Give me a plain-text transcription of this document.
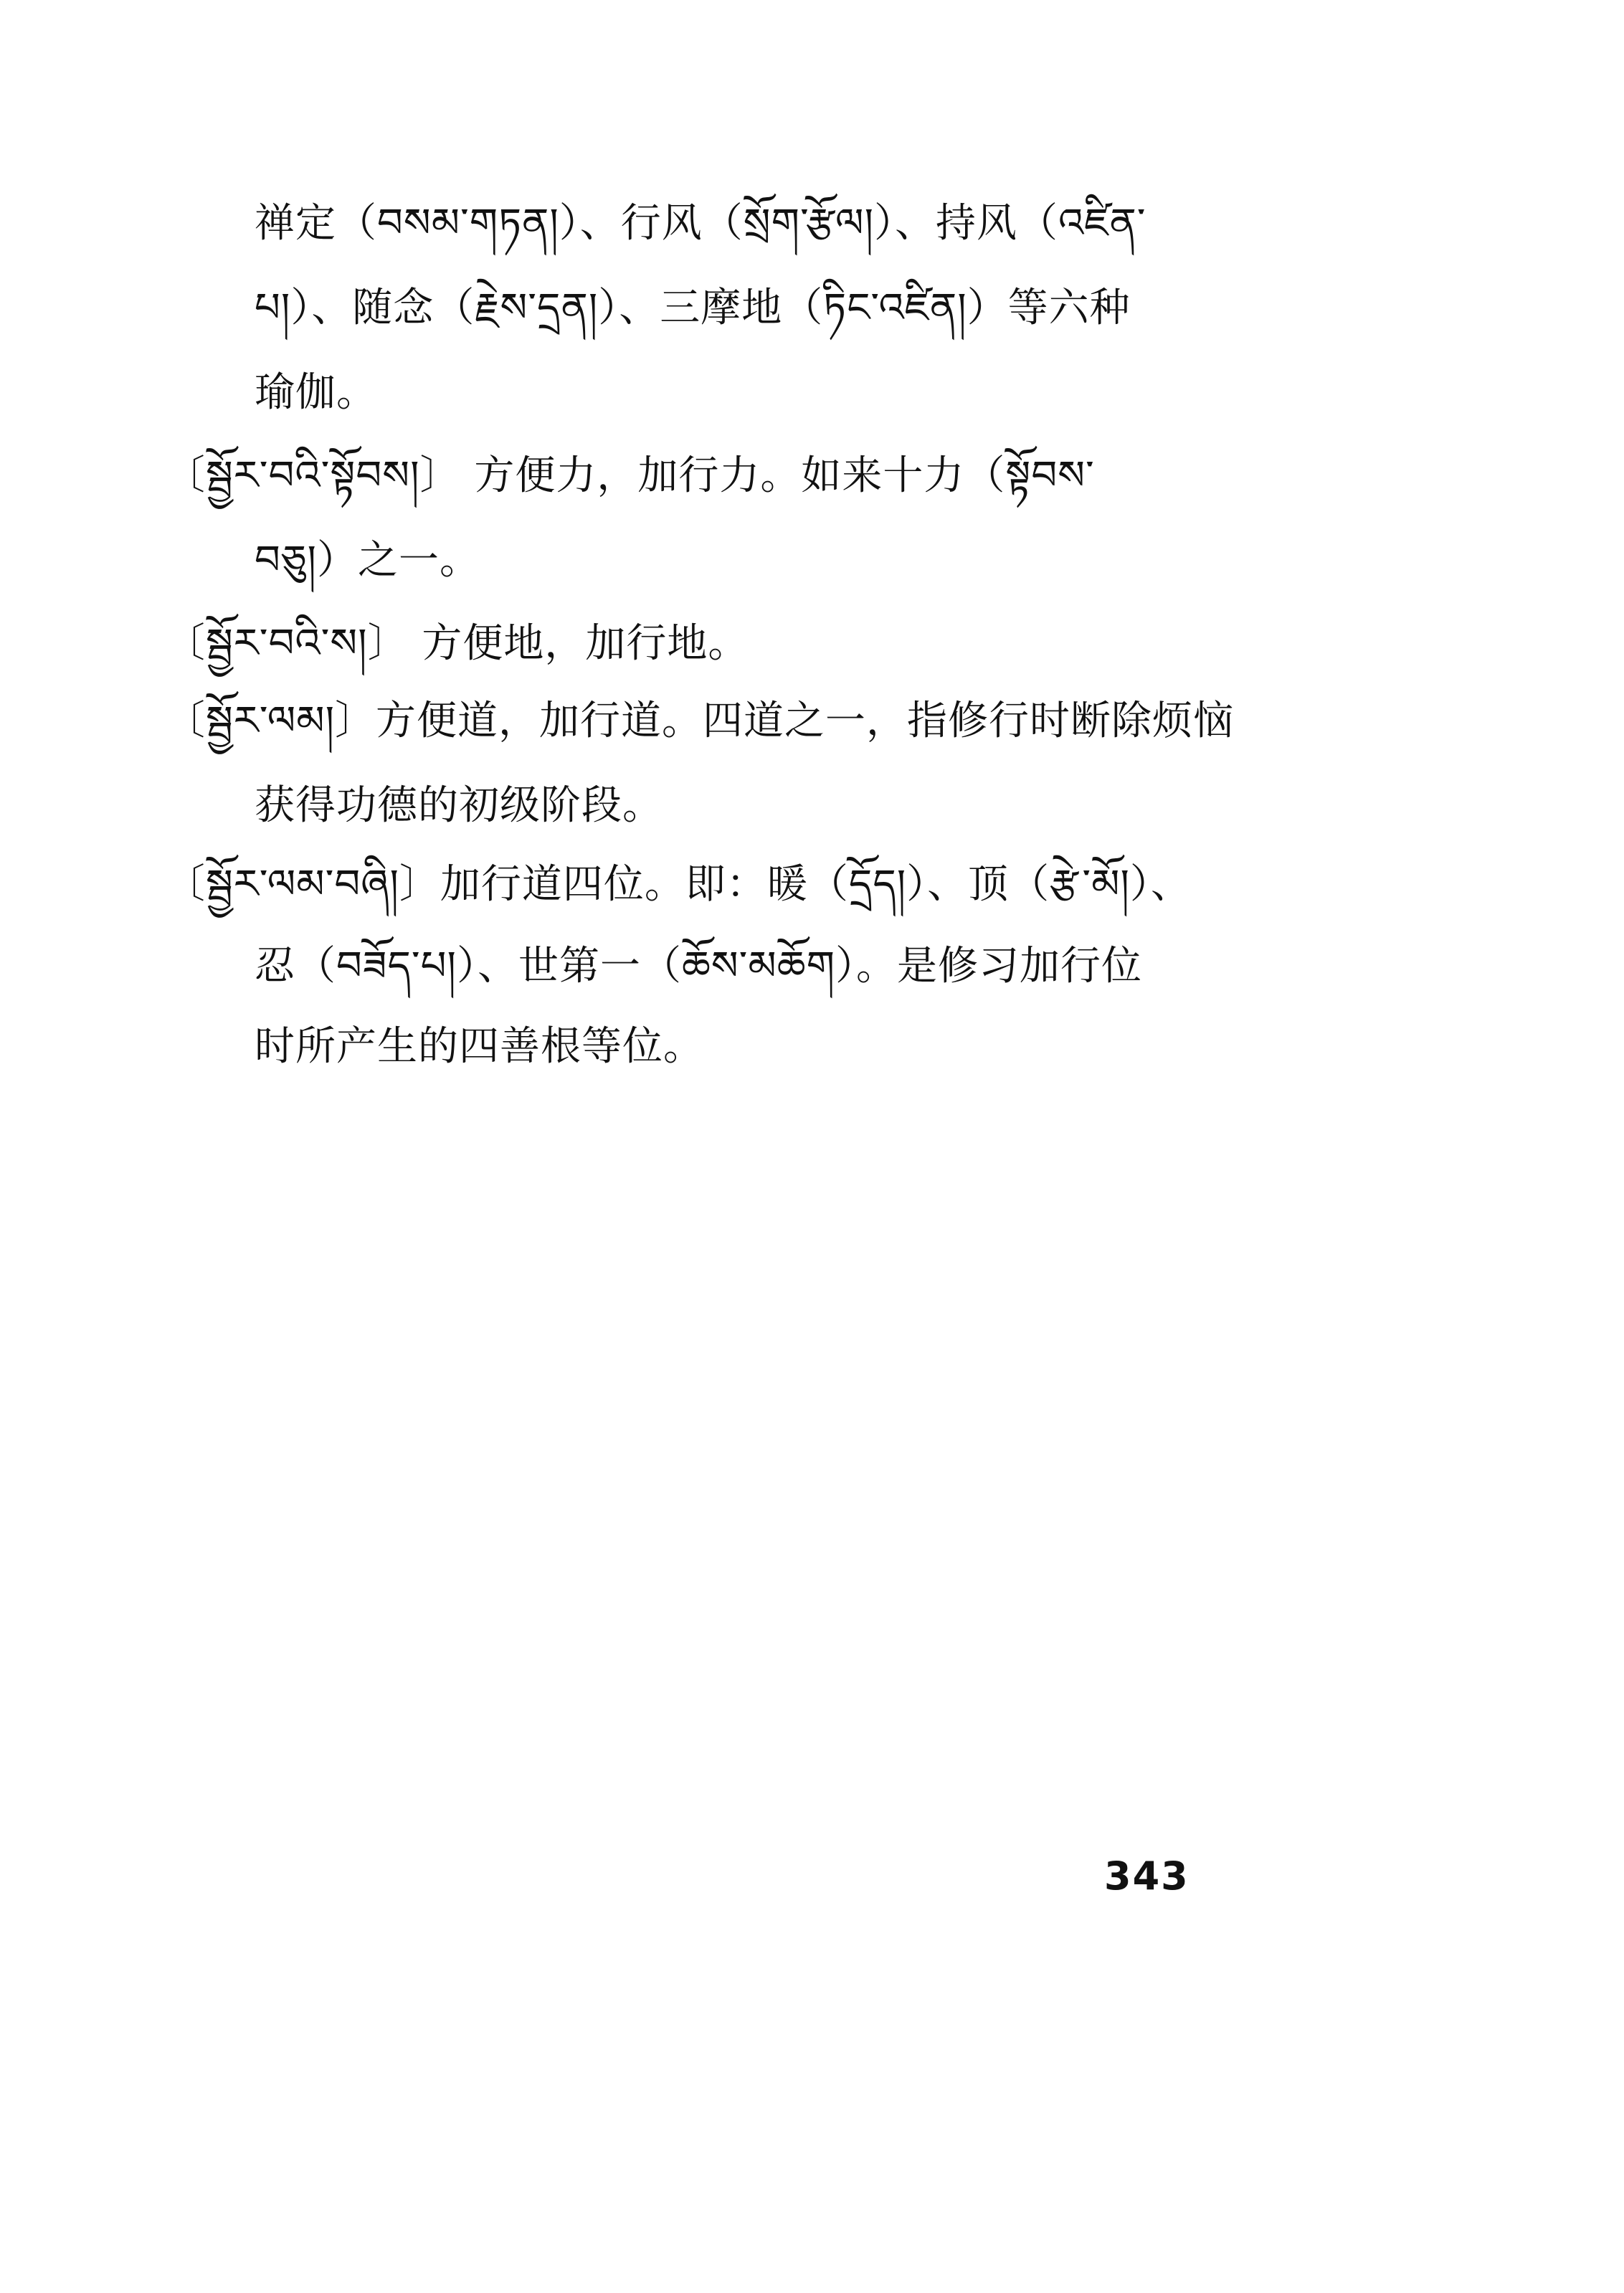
禅定（བསམ་གཏན།）、行风（སྲོག་རྩོལ།）、持风（འཛིན་
པ།）、随念（རྗེས་དྲན།）、三摩地（ཏིང་འཛིན།）等六种
瑜伽。
〔སྦྱོར་བའི་སྟོབས།〕 方便力，加行力。如来十力（སྟོབས་
བཅུ།）之一。
〔སྦྱོར་བའི་ས།〕 方便地，加行地。
〔སྦྱོར་ལམ།〕方便道，加行道。四道之一，指修行时断除烦恼
获得功德的初级阶段。
〔སྦྱོར་ལམ་བཞི།〕加行道四位。即：暖（དྲོད།）、顶（རྩེ་མོ།）、
忍（བཟོད་པ།）、世第一（ཆོས་མཆོག）。是修习加行位
时所产生的四善根等位。
343
